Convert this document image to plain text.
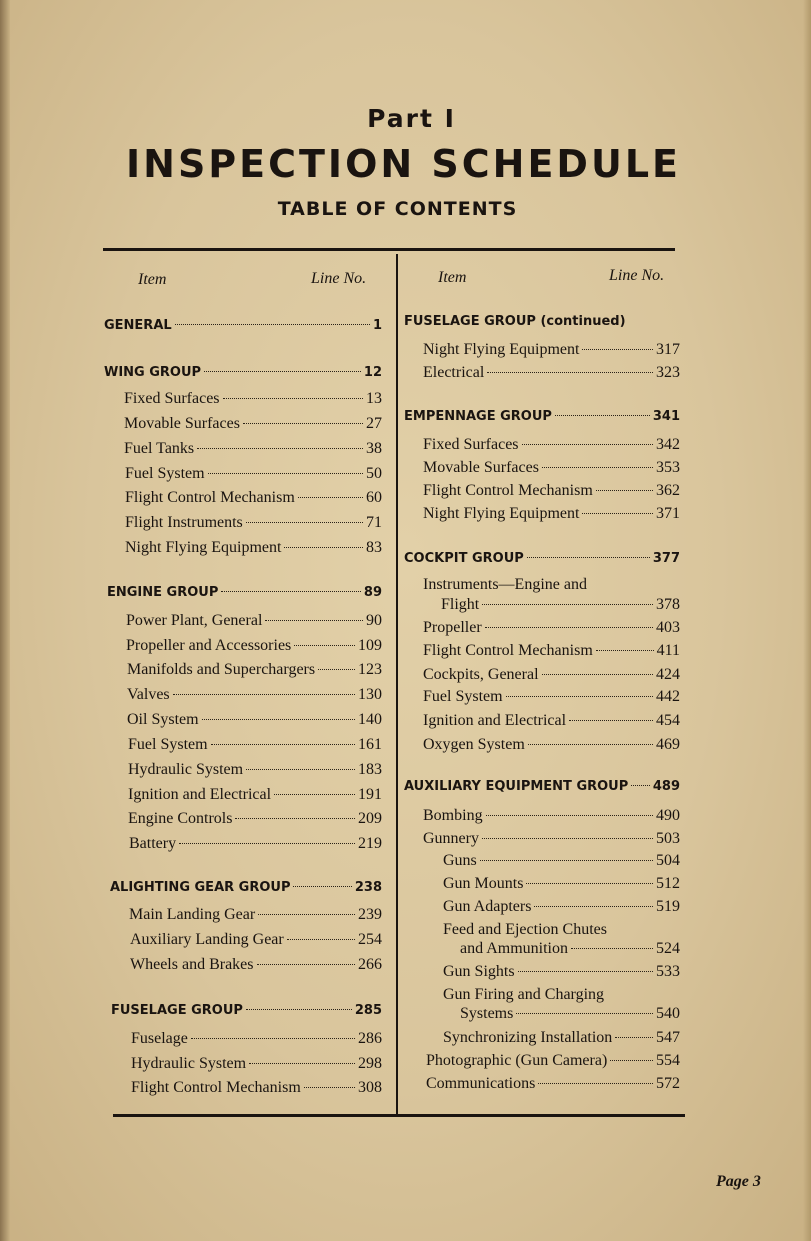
Part I
INSPECTION SCHEDULE
TABLE OF CONTENTS
Item	Line No.	Item	Line No.
GENERAL	1
WING GROUP	12
Fixed Surfaces	13
Movable Surfaces	27
Fuel Tanks	38
Fuel System	50
Flight Control Mechanism	60
Flight Instruments	71
Night Flying Equipment	83
ENGINE GROUP	89
Power Plant, General	90
Propeller and Accessories	109
Manifolds and Superchargers	123
Valves	130
Oil System	140
Fuel System	161
Hydraulic System	183
Ignition and Electrical	191
Engine Controls	209
Battery	219
ALIGHTING GEAR GROUP	238
Main Landing Gear	239
Auxiliary Landing Gear	254
Wheels and Brakes	266
FUSELAGE GROUP	285
Fuselage	286
Hydraulic System	298
Flight Control Mechanism	308
FUSELAGE GROUP (continued)
Night Flying Equipment	317
Electrical	323
EMPENNAGE GROUP	341
Fixed Surfaces	342
Movable Surfaces	353
Flight Control Mechanism	362
Night Flying Equipment	371
COCKPIT GROUP	377
Instruments—Engine and
Flight	378
Propeller	403
Flight Control Mechanism	411
Cockpits, General	424
Fuel System	442
Ignition and Electrical	454
Oxygen System	469
AUXILIARY EQUIPMENT GROUP 489
Bombing	490
Gunnery	503
Guns	504
Gun Mounts	512
Gun Adapters	519
Feed and Ejection Chutes
and Ammunition	524
Gun Sights	533
Gun Firing and Charging
Systems	540
Synchronizing Installation	547
Photographic (Gun Camera)	554
Communications	572
Page 3
